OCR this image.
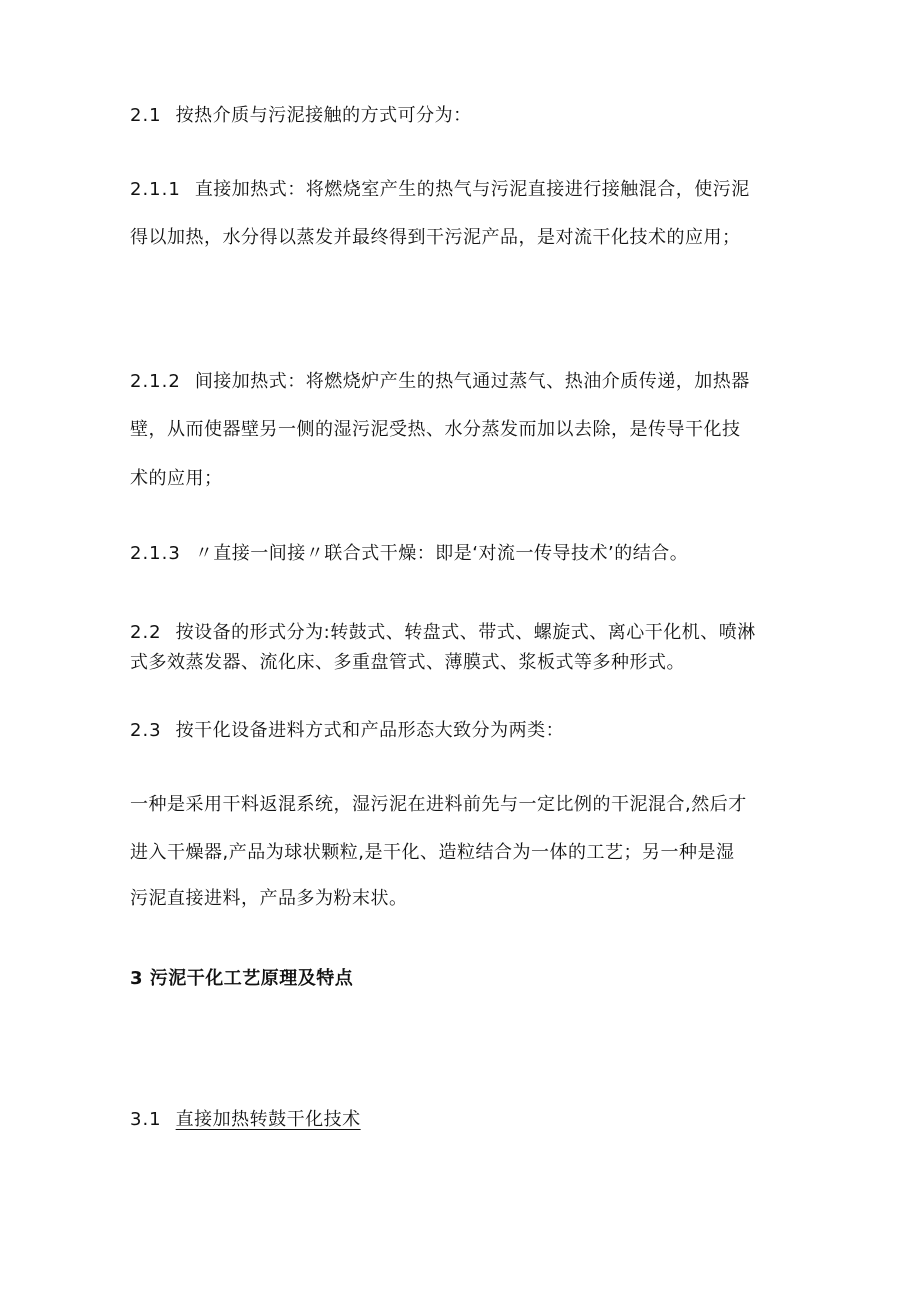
2.1 按热介质与污泥接触的方式可分为：
2.1.1 直接加热式：将燃烧室产生的热气与污泥直接进行接触混合，使污泥
得以加热，水分得以蒸发并最终得到干污泥产品，是对流干化技术的应用；
2.1.2 间接加热式：将燃烧炉产生的热气通过蒸气、热油介质传递，加热器
壁，从而使器壁另一侧的湿污泥受热、水分蒸发而加以去除，是传导干化技
术的应用；
2.1.3 〃直接一间接〃联合式干燥：即是‘对流一传导技术’的结合。
2.2 按设备的形式分为:转鼓式、转盘式、带式、螺旋式、离心干化机、喷淋
式多效蒸发器、流化床、多重盘管式、薄膜式、浆板式等多种形式。
2.3 按干化设备进料方式和产品形态大致分为两类：
一种是采用干料返混系统，湿污泥在进料前先与一定比例的干泥混合,然后才
进入干燥器,产品为球状颗粒,是干化、造粒结合为一体的工艺；另一种是湿
污泥直接进料，产品多为粉末状。
3 污泥干化工艺原理及特点
3.1 直接加热转鼓干化技术
